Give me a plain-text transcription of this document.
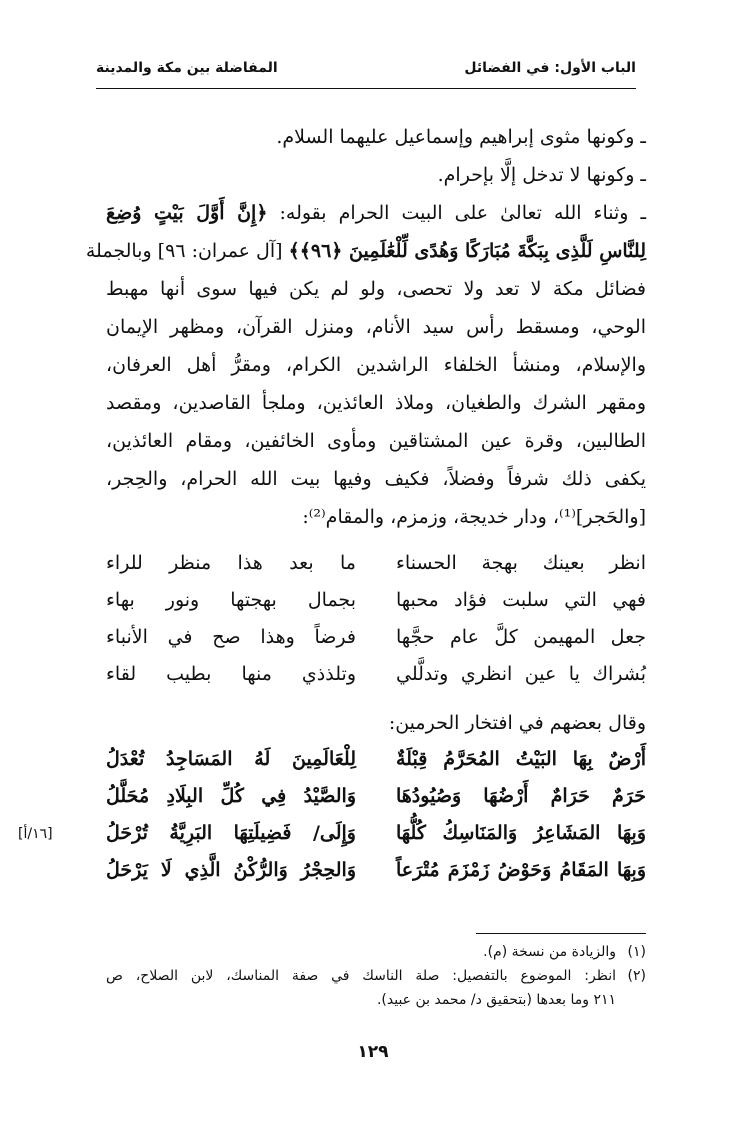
الباب الأول: في الفضائل
المفاضلة بين مكة والمدينة
ـ وكونها مثوى إبراهيم وإسماعيل عليهما السلام.
ـ وكونها لا تدخل إلَّا بإحرام.
ـ وثناء الله تعالىٰ على البيت الحرام بقوله: ﴿إِنَّ أَوَّلَ بَيْتٍ وُضِعَ
لِلنَّاسِ لَلَّذِى بِبَكَّةَ مُبَارَكًا وَهُدًى لِّلْعَٰلَمِينَ ﴿٩٦﴾﴾ [آل عمران: ٩٦] وبالجملة
فضائل مكة لا تعد ولا تحصى، ولو لم يكن فيها سوى أنها مهبط
الوحي، ومسقط رأس سيد الأنام، ومنزل القرآن، ومظهر الإيمان
والإسلام، ومنشأ الخلفاء الراشدين الكرام، ومقرُّ أهل العرفان،
ومقهر الشرك والطغيان، وملاذ العائذين، وملجأ القاصدين، ومقصد
الطالبين، وقرة عين المشتاقين ومأوى الخائفين، ومقام العائذين،
يكفى ذلك شرفاً وفضلاً، فكيف وفيها بيت الله الحرام، والحِجر،
[والحَجر]⁽¹⁾، ودار خديجة، وزمزم، والمقام⁽²⁾:
انظر بعينك بهجة الحسناء
ما بعد هذا منظر للراء
فهي التي سلبت فؤاد محبها
بجمال بهجتها ونور بهاء
جعل المهيمن كلَّ عام حجَّها
فرضاً وهذا صح في الأنباء
بُشراك يا عين انظري وتدلَّلي
وتلذذي منها بطيب لقاء
وقال بعضهم في افتخار الحرمين:
أَرْضٌ بِهَا البَيْتُ المُحَرَّمُ قِبْلَةٌ
لِلْعَالَمِينَ لَهُ المَسَاجِدُ تُعْدَلُ
حَرَمٌ حَرَامٌ أَرْضُهَا وَصُيُودُهَا
وَالصَّيْدُ فِي كُلِّ البِلَادِ مُحَلَّلُ
وَبِهَا المَشَاعِرُ وَالمَنَاسِكُ كُلُّهَا
وَإِلَى/ فَضِيلَتِهَا البَرِيَّةُ تُرْحَلُ
وَبِهَا المَقَامُ وَحَوْضُ زَمْزَمَ مُتْرَعاً
وَالحِجْرُ وَالرُّكْنُ الَّذِي لَا يَرْحَلُ
[١٦/أ]
(١)
والزيادة من نسخة (م).
(٢)
انظر: الموضوع بالتفصيل: صلة الناسك في صفة المناسك، لابن الصلاح، ص
٢١١ وما بعدها (بتحقيق د/ محمد بن عبيد).
١٢٩
